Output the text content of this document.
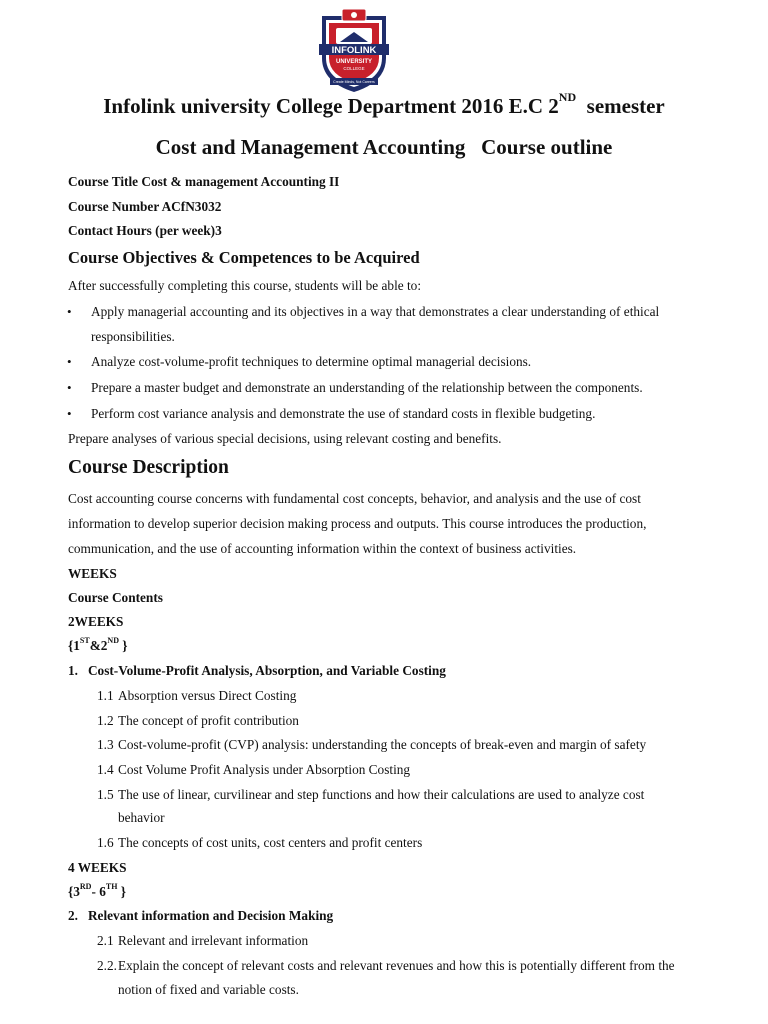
INFOLINK
UNIVERSITY
COLLEGE
Create Minds, Not Careers
Infolink university College Department 2016 E.C 2ND  semester
Cost and Management Accounting   Course outline
Course Title Cost & management Accounting II
Course Number ACfN3032
Contact Hours (per week)3
Course Objectives & Competences to be Acquired
After successfully completing this course, students will be able to:
• Apply managerial accounting and its objectives in a way that demonstrates a clear understanding of ethical
responsibilities.
• Analyze cost-volume-profit techniques to determine optimal managerial decisions.
• Prepare a master budget and demonstrate an understanding of the relationship between the components.
• Perform cost variance analysis and demonstrate the use of standard costs in flexible budgeting.
Prepare analyses of various special decisions, using relevant costing and benefits.
Course Description
Cost accounting course concerns with fundamental cost concepts, behavior, and analysis and the use of cost
information to develop superior decision making process and outputs. This course introduces the production,
communication, and the use of accounting information within the context of business activities.
WEEKS
Course Contents
2WEEKS
{1ST&2ND }
1.   Cost-Volume-Profit Analysis, Absorption, and Variable Costing
1.1 Absorption versus Direct Costing
1.2 The concept of profit contribution
1.3 Cost-volume-profit (CVP) analysis: understanding the concepts of break-even and margin of safety
1.4 Cost Volume Profit Analysis under Absorption Costing
1.5 The use of linear, curvilinear and step functions and how their calculations are used to analyze cost
behavior
1.6 The concepts of cost units, cost centers and profit centers
4 WEEKS
{3RD- 6TH }
2.   Relevant information and Decision Making
2.1 Relevant and irrelevant information
2.2. Explain the concept of relevant costs and relevant revenues and how this is potentially different from the
notion of fixed and variable costs.
